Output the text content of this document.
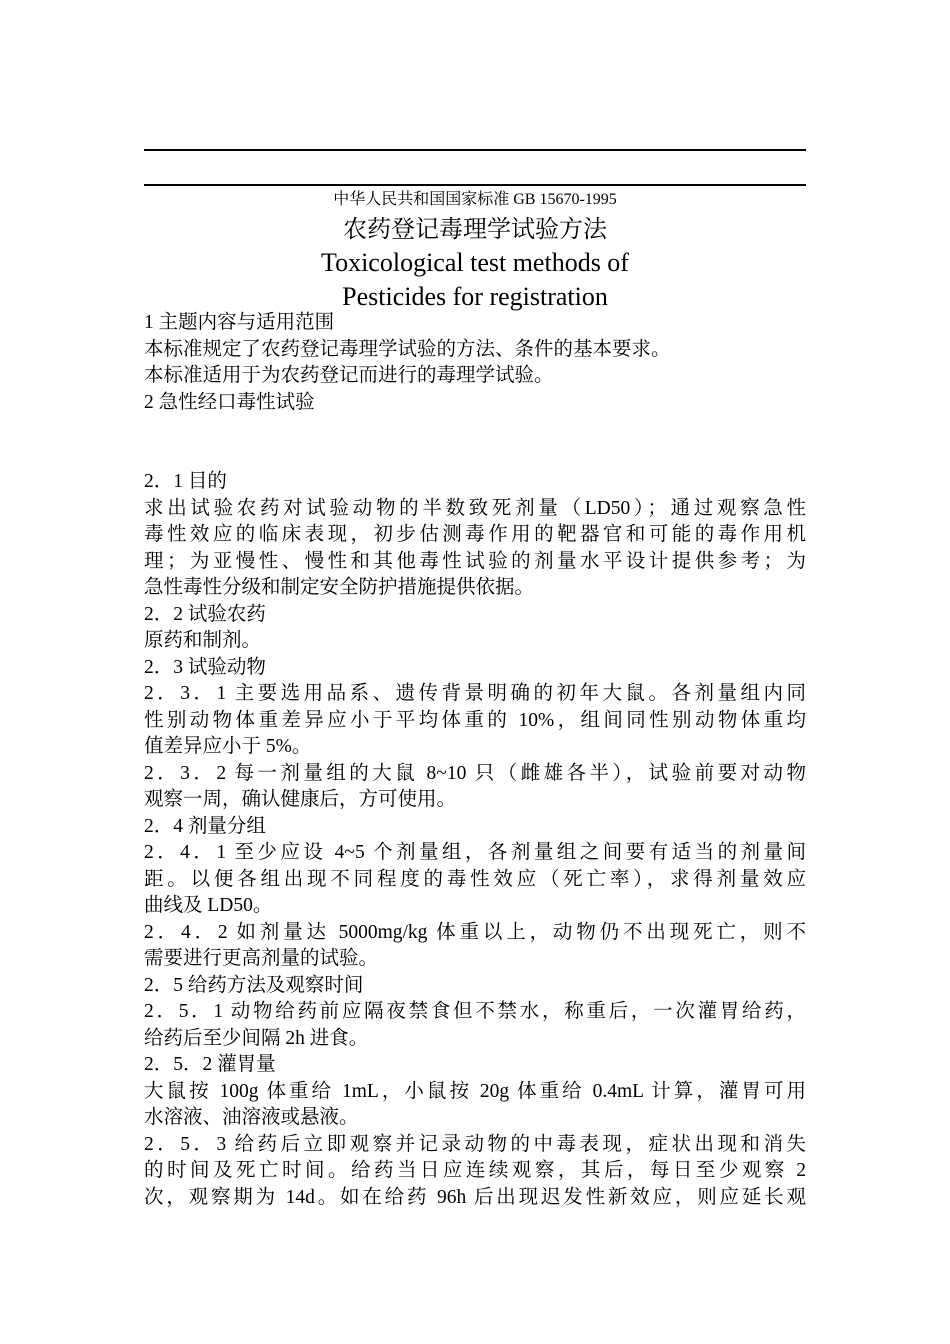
中华人民共和国国家标准 GB 15670-1995
农药登记毒理学试验方法
Toxicological test methods of
Pesticides for registration
1 主题内容与适用范围
本标准规定了农药登记毒理学试验的方法、条件的基本要求。
本标准适用于为农药登记而进行的毒理学试验。
2 急性经口毒性试验
2．1 目的
求出试验农药对试验动物的半数致死剂量（LD50）；通过观察急性
毒性效应的临床表现，初步估测毒作用的靶器官和可能的毒作用机
理；为亚慢性、慢性和其他毒性试验的剂量水平设计提供参考；为
急性毒性分级和制定安全防护措施提供依据。
2．2 试验农药
原药和制剂。
2．3 试验动物
2．3．1 主要选用品系、遗传背景明确的初年大鼠。各剂量组内同
性别动物体重差异应小于平均体重的 10%，组间同性别动物体重均
值差异应小于 5%。
2．3．2 每一剂量组的大鼠 8~10 只（雌雄各半），试验前要对动物
观察一周，确认健康后，方可使用。
2．4 剂量分组
2．4．1 至少应设 4~5 个剂量组，各剂量组之间要有适当的剂量间
距。以便各组出现不同程度的毒性效应（死亡率），求得剂量效应
曲线及 LD50。
2．4．2 如剂量达 5000mg/kg 体重以上，动物仍不出现死亡，则不
需要进行更高剂量的试验。
2．5 给药方法及观察时间
2．5．1 动物给药前应隔夜禁食但不禁水，称重后，一次灌胃给药，
给药后至少间隔 2h 进食。
2．5．2 灌胃量
大鼠按 100g 体重给 1mL，小鼠按 20g 体重给 0.4mL 计算，灌胃可用
水溶液、油溶液或悬液。
2．5．3 给药后立即观察并记录动物的中毒表现，症状出现和消失
的时间及死亡时间。给药当日应连续观察，其后，每日至少观察 2
次，观察期为 14d。如在给药 96h 后出现迟发性新效应，则应延长观
